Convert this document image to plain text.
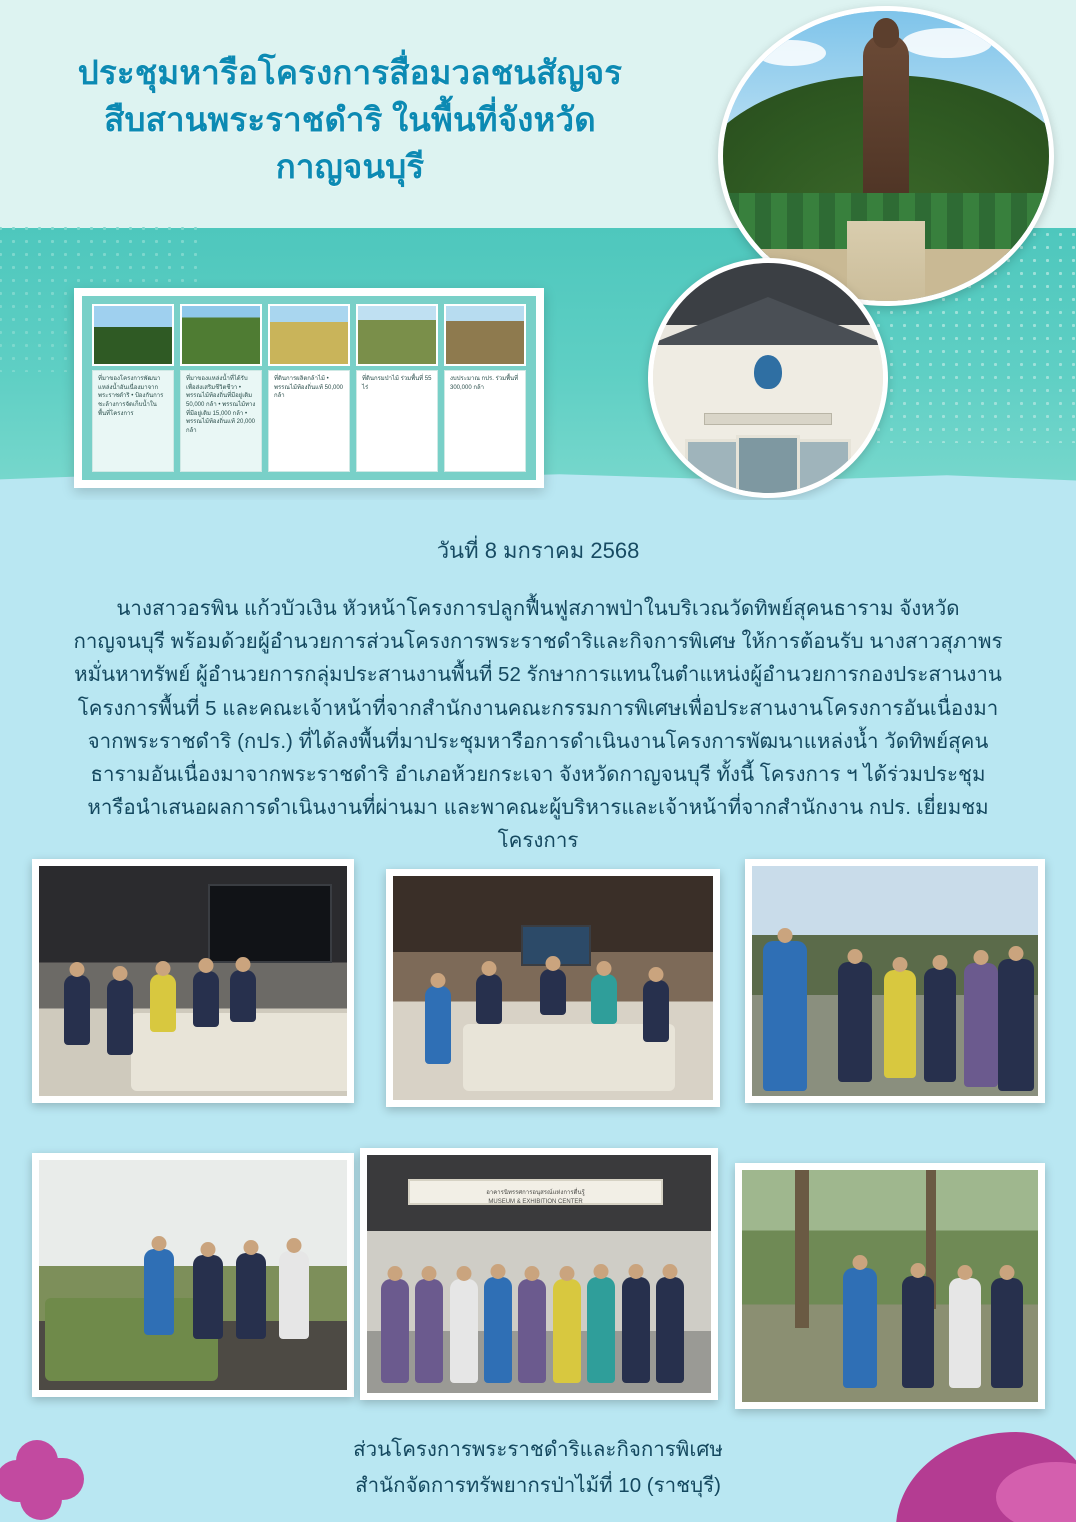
ประชุมหารือโครงการสื่อมวลชนสัญจร
สืบสานพระราชดำริ ในพื้นที่จังหวัด
กาญจนบุรี
ที่มาของโครงการพัฒนาแหล่งน้ำอันเนื่องมาจากพระราชดำริ • ป้องกันการชะล้างการจัดเก็บน้ำในพื้นที่โครงการ
ที่มาของแหล่งน้ำที่ได้รับเพื่อส่งเสริมชีวิตชีวา • พรรณไม้ท้องถิ่นที่มีอยู่เดิม 50,000 กล้า • พรรณไม้ทางที่มีอยู่เดิม 15,000 กล้า • พรรณไม้ท้องถิ่นแท้ 20,000 กล้า
ที่ดินการผลิตกล้าไม้ • พรรณไม้ท้องถิ่นแท้ 50,000 กล้า
ที่ดินกรมป่าไม้ ร่วมพื้นที่ 55 ไร่
งบประมาณ กปร. ร่วมพื้นที่ 300,000 กล้า
วันที่ 8 มกราคม 2568
นางสาวอรพิน แก้วบัวเงิน หัวหน้าโครงการปลูกฟื้นฟูสภาพป่าในบริเวณวัดทิพย์สุคนธาราม จังหวัดกาญจนบุรี พร้อมด้วยผู้อำนวยการส่วนโครงการพระราชดำริและกิจการพิเศษ ให้การต้อนรับ นางสาวสุภาพร หมั่นหาทรัพย์ ผู้อำนวยการกลุ่มประสานงานพื้นที่ 52 รักษาการแทนในตำแหน่งผู้อำนวยการกองประสานงานโครงการพื้นที่ 5 และคณะเจ้าหน้าที่จากสำนักงานคณะกรรมการพิเศษเพื่อประสานงานโครงการอันเนื่องมาจากพระราชดำริ (กปร.) ที่ได้ลงพื้นที่มาประชุมหารือการดำเนินงานโครงการพัฒนาแหล่งน้ำ วัดทิพย์สุคนธารามอันเนื่องมาจากพระราชดำริ อำเภอห้วยกระเจา จังหวัดกาญจนบุรี ทั้งนี้ โครงการ ฯ ได้ร่วมประชุมหารือนำเสนอผลการดำเนินงานที่ผ่านมา และพาคณะผู้บริหารและเจ้าหน้าที่จากสำนักงาน กปร. เยี่ยมชมโครงการ
อาคารนิทรรศการอนุสรณ์แห่งการตื่นรู้
MUSEUM & EXHIBITION CENTER
ส่วนโครงการพระราชดำริและกิจการพิเศษ
สำนักจัดการทรัพยากรป่าไม้ที่ 10 (ราชบุรี)
